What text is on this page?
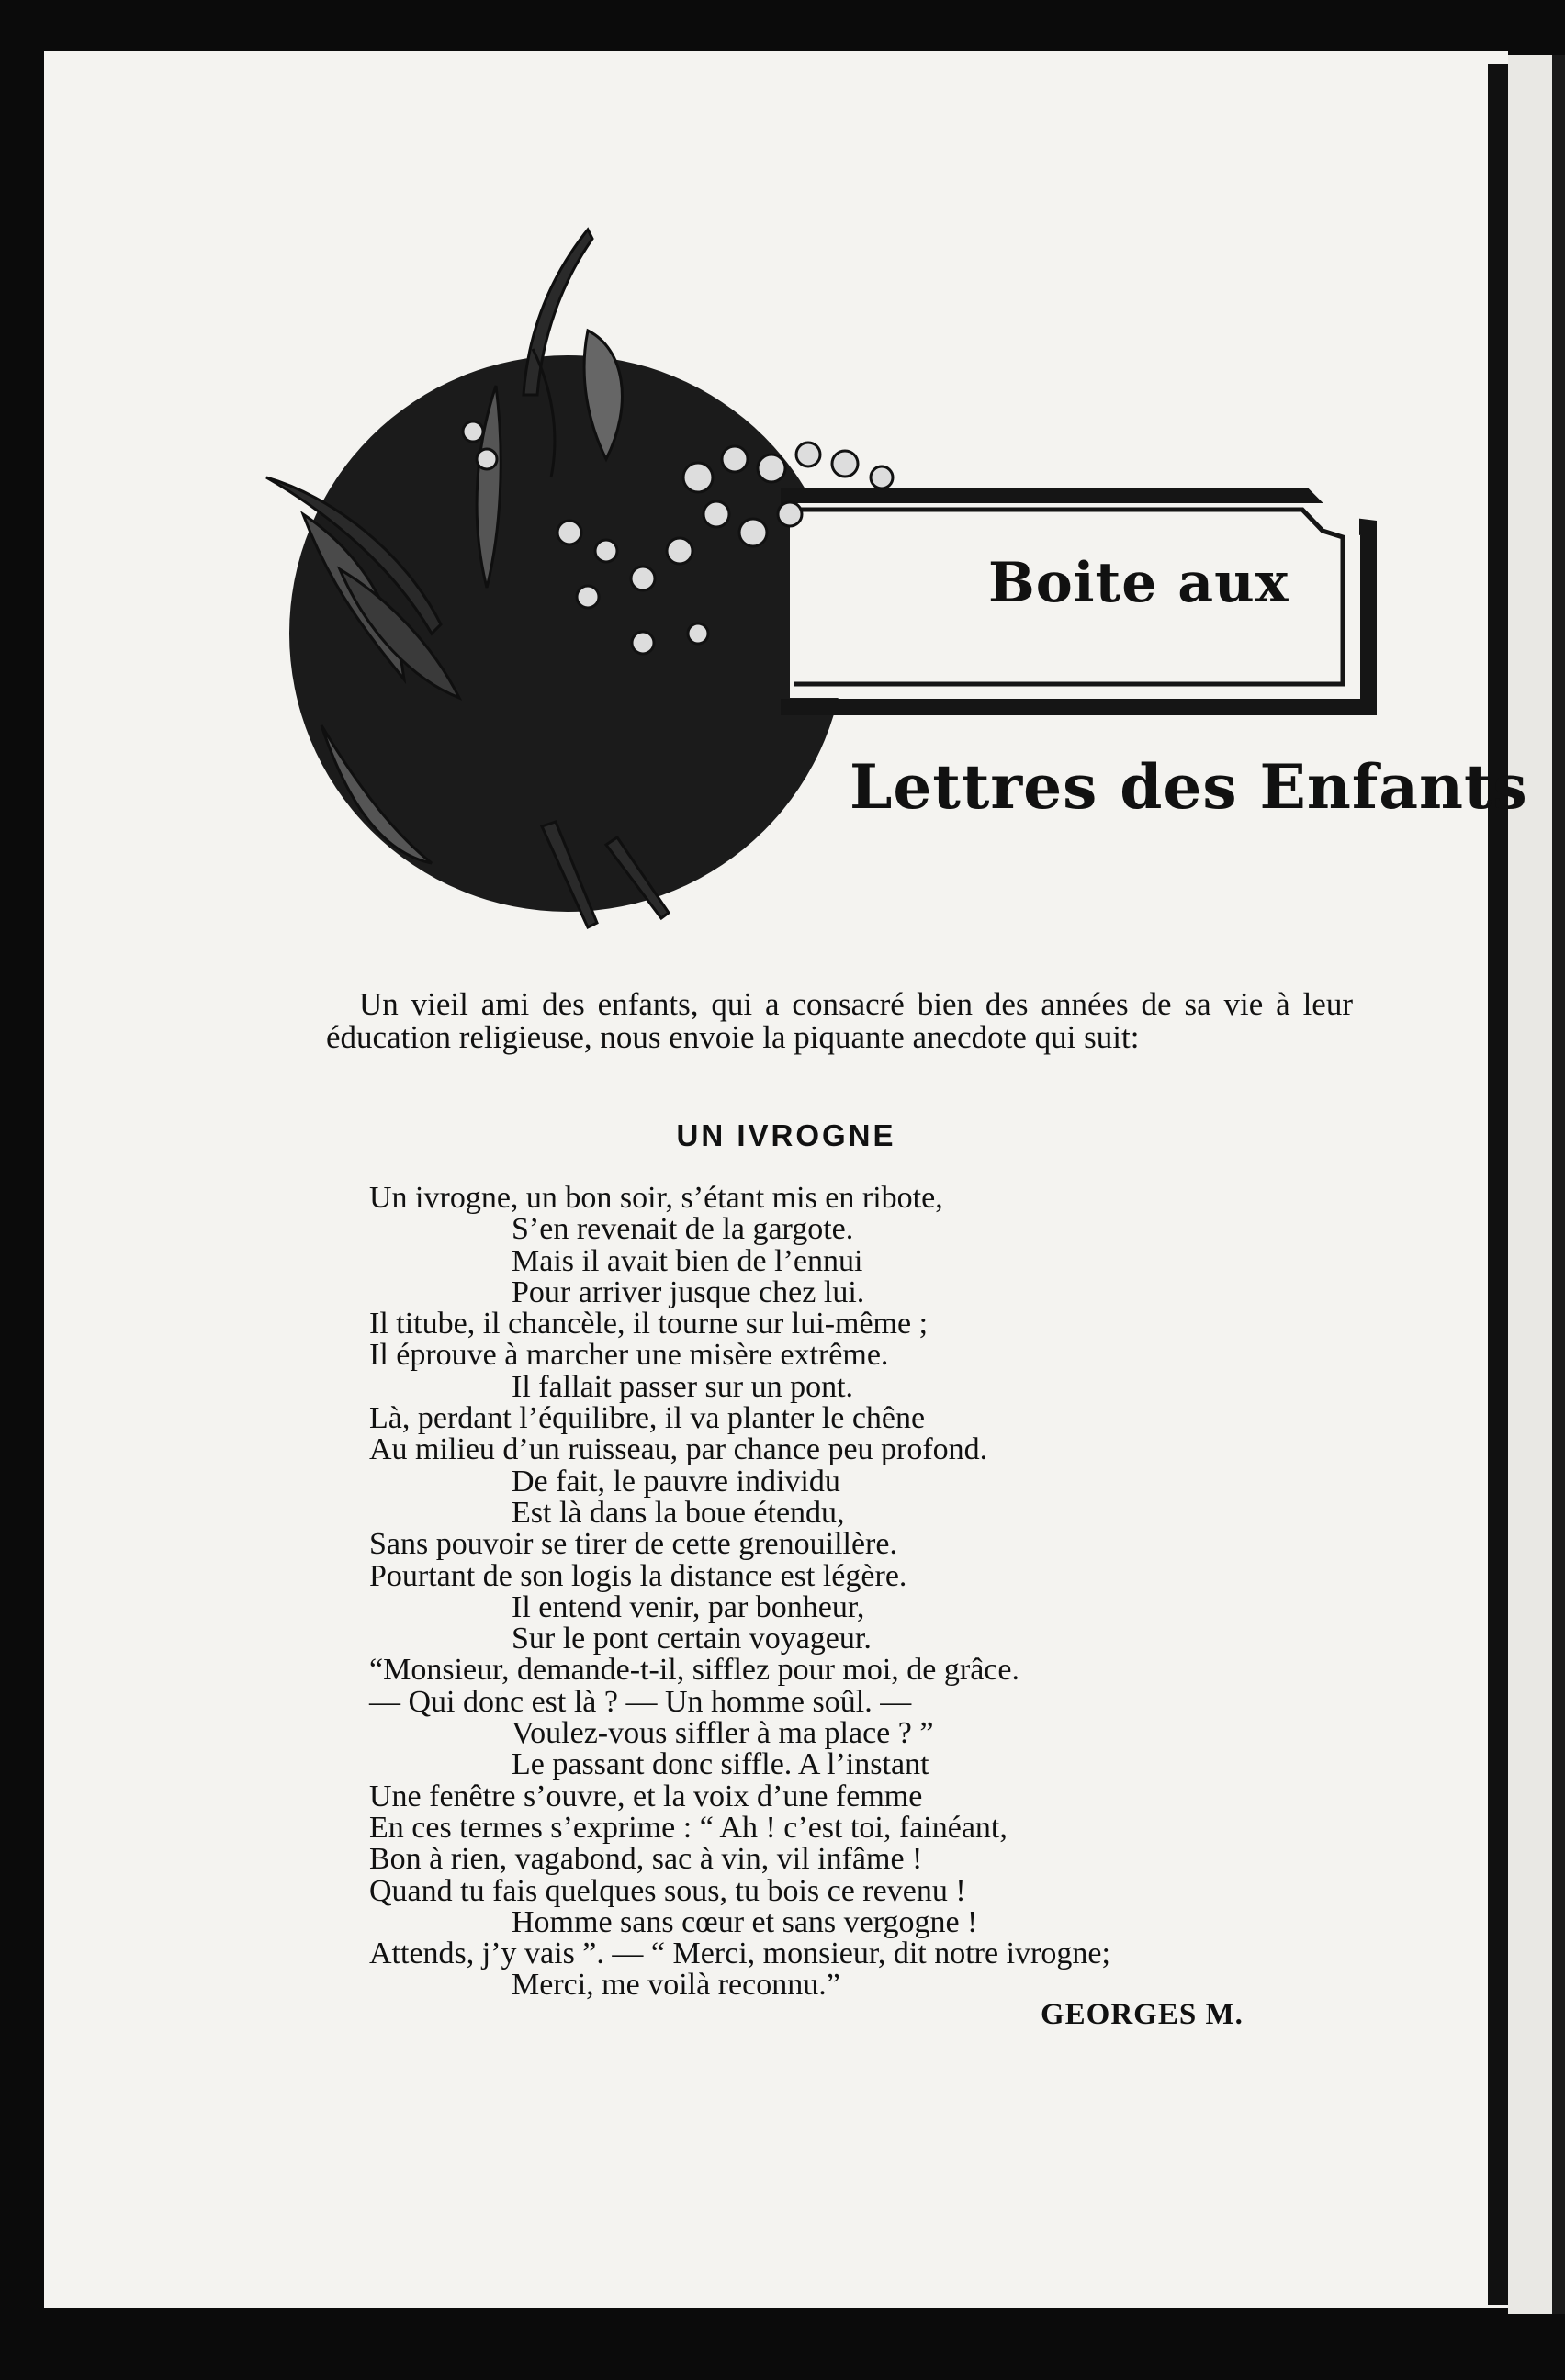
Boite aux
Lettres des Enfants
Un vieil ami des enfants, qui a consacré bien des années de sa vie à leur éducation religieuse, nous envoie la piquante anecdote qui suit:
UN IVROGNE
Un ivrogne, un bon soir, s’étant mis en ribote,
S’en revenait de la gargote.
Mais il avait bien de l’ennui
Pour arriver jusque chez lui.
Il titube, il chancèle, il tourne sur lui-même ;
Il éprouve à marcher une misère extrême.
Il fallait passer sur un pont.
Là, perdant l’équilibre, il va planter le chêne
Au milieu d’un ruisseau, par chance peu profond.
De fait, le pauvre individu
Est là dans la boue étendu,
Sans pouvoir se tirer de cette grenouillère.
Pourtant de son logis la distance est légère.
Il entend venir, par bonheur,
Sur le pont certain voyageur.
“Monsieur, demande-t-il, sifflez pour moi, de grâce.
— Qui donc est là ? — Un homme soûl. —
Voulez-vous siffler à ma place ? ”
Le passant donc siffle. A l’instant
Une fenêtre s’ouvre, et la voix d’une femme
En ces termes s’exprime : “ Ah ! c’est toi, fainéant,
Bon à rien, vagabond, sac à vin, vil infâme !
Quand tu fais quelques sous, tu bois ce revenu !
Homme sans cœur et sans vergogne !
Attends, j’y vais ”. — “ Merci, monsieur, dit notre ivrogne;
Merci, me voilà reconnu.”
GEORGES M.
